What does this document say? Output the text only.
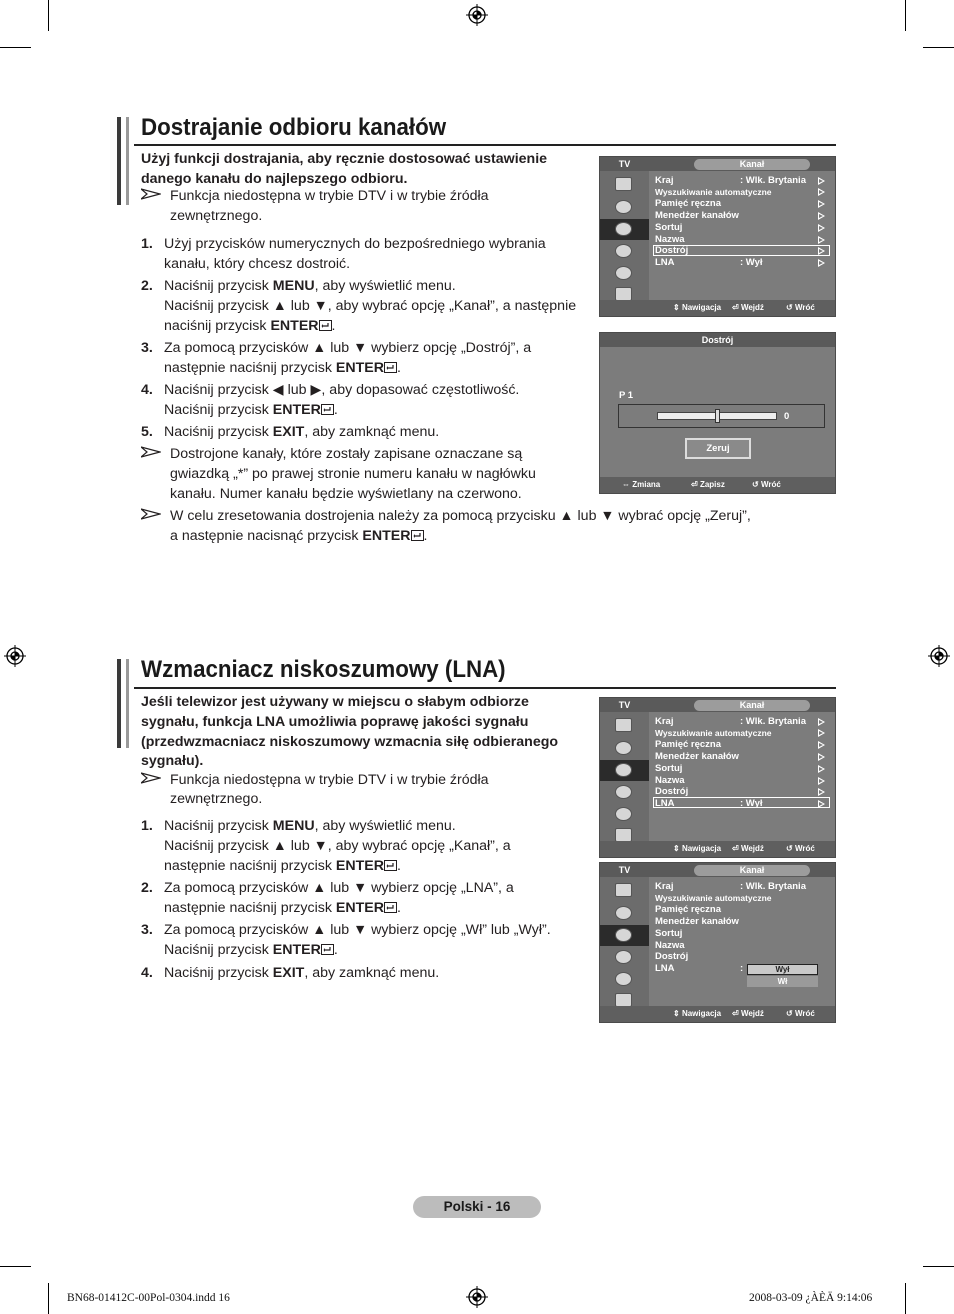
Dostrajanie odbioru kanałów
Użyj funkcji dostrajania, aby ręcznie dostosować ustawienie
danego kanału do najlepszego odbioru.
Funkcja niedostępna w trybie DTV i w trybie źródła
zewnętrznego.
1. Użyj przycisków numerycznych do bezpośredniego wybrania
kanału, który chcesz dostroić.
2. Naciśnij przycisk MENU, aby wyświetlić menu.
Naciśnij przycisk ▲ lub ▼, aby wybrać opcję „Kanał”, a następnie
naciśnij przycisk ENTER .
3. Za pomocą przycisków ▲ lub ▼ wybierz opcję „Dostrój”, a
następnie naciśnij przycisk ENTER .
4. Naciśnij przycisk ◀ lub ▶, aby dopasować częstotliwość.
Naciśnij przycisk ENTER .
5. Naciśnij przycisk EXIT, aby zamknąć menu.
Dostrojone kanały, które zostały zapisane oznaczane są
gwiazdką „*” po prawej stronie numeru kanału w nagłówku
kanału. Numer kanału będzie wyświetlany na czerwono.
W celu zresetowania dostrojenia należy za pomocą przycisku ▲ lub ▼ wybrać opcję „Zeruj”,
a następnie nacisnąć przycisk ENTER .
TV	Kanał
Kraj	: Wlk. Brytania
Wyszukiwanie automatyczne
Pamięć ręczna
Menedżer kanałów
Sortuj
Nazwa
Dostrój
LNA	: Wył
⇕ Nawigacja ⏎ Wejdź	↺ Wróć
Dostrój
P 1
0
Zeruj
⇔ Zmiana	⏎ Zapisz	↺ Wróć
Wzmacniacz niskoszumowy (LNA)
Jeśli telewizor jest używany w miejscu o słabym odbiorze
sygnału, funkcja LNA umożliwia poprawę jakości sygnału
(przedwzmacniacz niskoszumowy wzmacnia siłę odbieranego
sygnału).
Funkcja niedostępna w trybie DTV i w trybie źródła
zewnętrznego.
1. Naciśnij przycisk MENU, aby wyświetlić menu.
Naciśnij przycisk ▲ lub ▼, aby wybrać opcję „Kanał”, a
następnie naciśnij przycisk ENTER .
2. Za pomocą przycisków ▲ lub ▼ wybierz opcję „LNA”, a
następnie naciśnij przycisk ENTER .
3. Za pomocą przycisków ▲ lub ▼ wybierz opcję „Wł” lub „Wył”.
Naciśnij przycisk ENTER .
4. Naciśnij przycisk EXIT, aby zamknąć menu.
TV	Kanał
Kraj	: Wlk. Brytania
Wyszukiwanie automatyczne
Pamięć ręczna
Menedżer kanałów
Sortuj
Nazwa
Dostrój
LNA	: Wył
⇕ Nawigacja ⏎ Wejdź	↺ Wróć
TV	Kanał
Kraj	: Wlk. Brytania
Wyszukiwanie automatyczne
Pamięć ręczna
Menedżer kanałów
Sortuj
Nazwa
Dostrój
LNA	:	Wył
Wł
⇕ Nawigacja ⏎ Wejdź	↺ Wróć
Polski - 16
BN68-01412C-00Pol-0304.indd 16	2008-03-09 ¿ÀÈÄ 9:14:06
